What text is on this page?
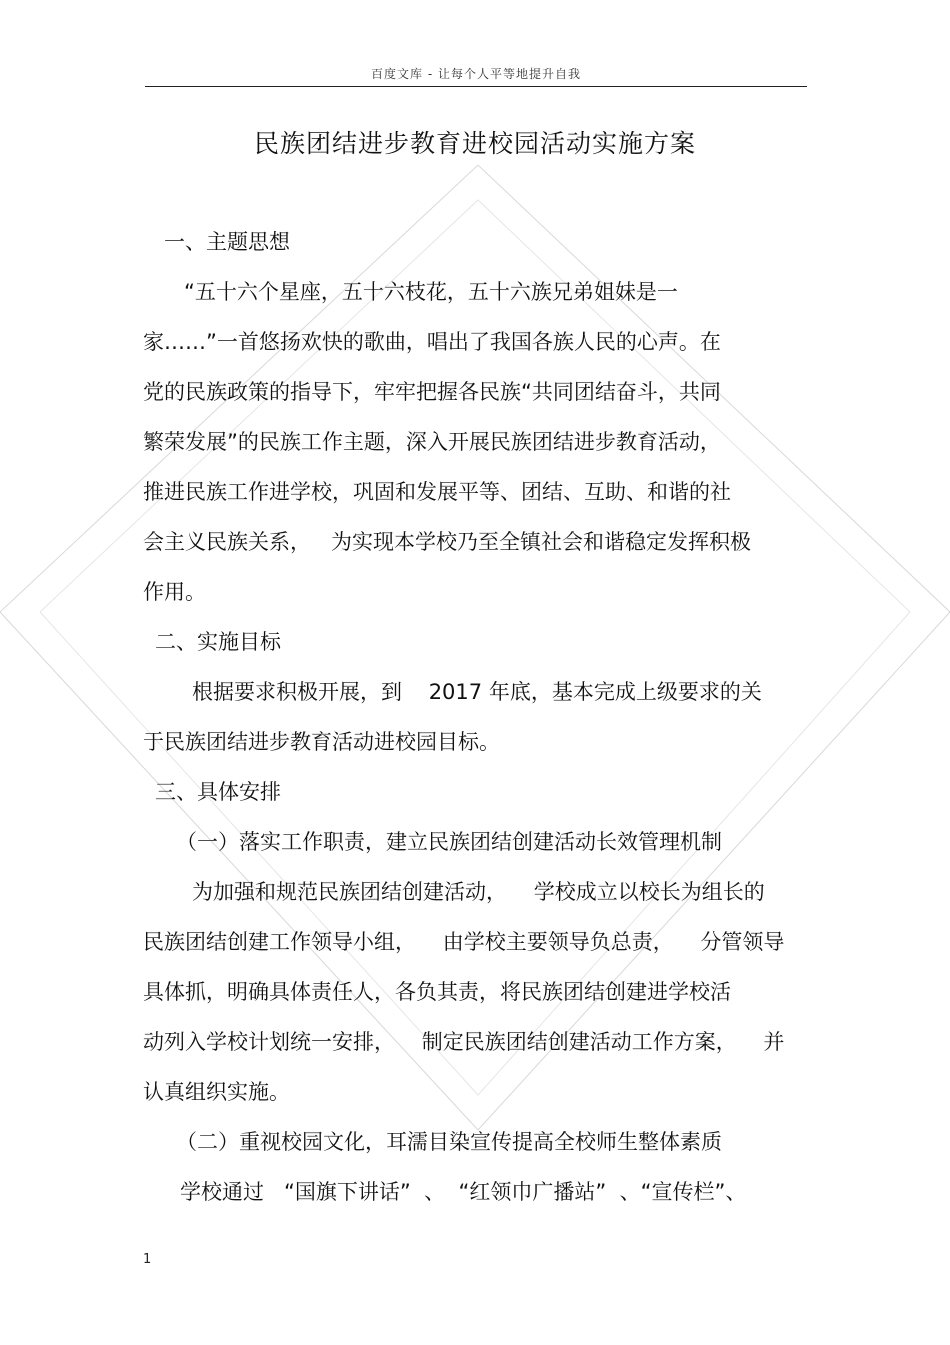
百度文库 - 让每个人平等地提升自我
民族团结进步教育进校园活动实施方案
一、主题思想
“五十六个星座，五十六枝花，五十六族兄弟姐妹是一
家……”一首悠扬欢快的歌曲，唱出了我国各族人民的心声。在
党的民族政策的指导下，牢牢把握各民族“共同团结奋斗，共同
繁荣发展”的民族工作主题，深入开展民族团结进步教育活动，
推进民族工作进学校，巩固和发展平等、团结、互助、和谐的社
会主义民族关系，   为实现本学校乃至全镇社会和谐稳定发挥积极
作用。
二、实施目标
根据要求积极开展，到    2017 年底，基本完成上级要求的关
于民族团结进步教育活动进校园目标。
三、具体安排
（一）落实工作职责，建立民族团结创建活动长效管理机制
为加强和规范民族团结创建活动，    学校成立以校长为组长的
民族团结创建工作领导小组，    由学校主要领导负总责，    分管领导
具体抓，明确具体责任人，各负其责，将民族团结创建进学校活
动列入学校计划统一安排，    制定民族团结创建活动工作方案，    并
认真组织实施。
（二）重视校园文化，耳濡目染宣传提高全校师生整体素质
学校通过   “国旗下讲话”  、  “红领巾广播站”  、“宣传栏”、
1
